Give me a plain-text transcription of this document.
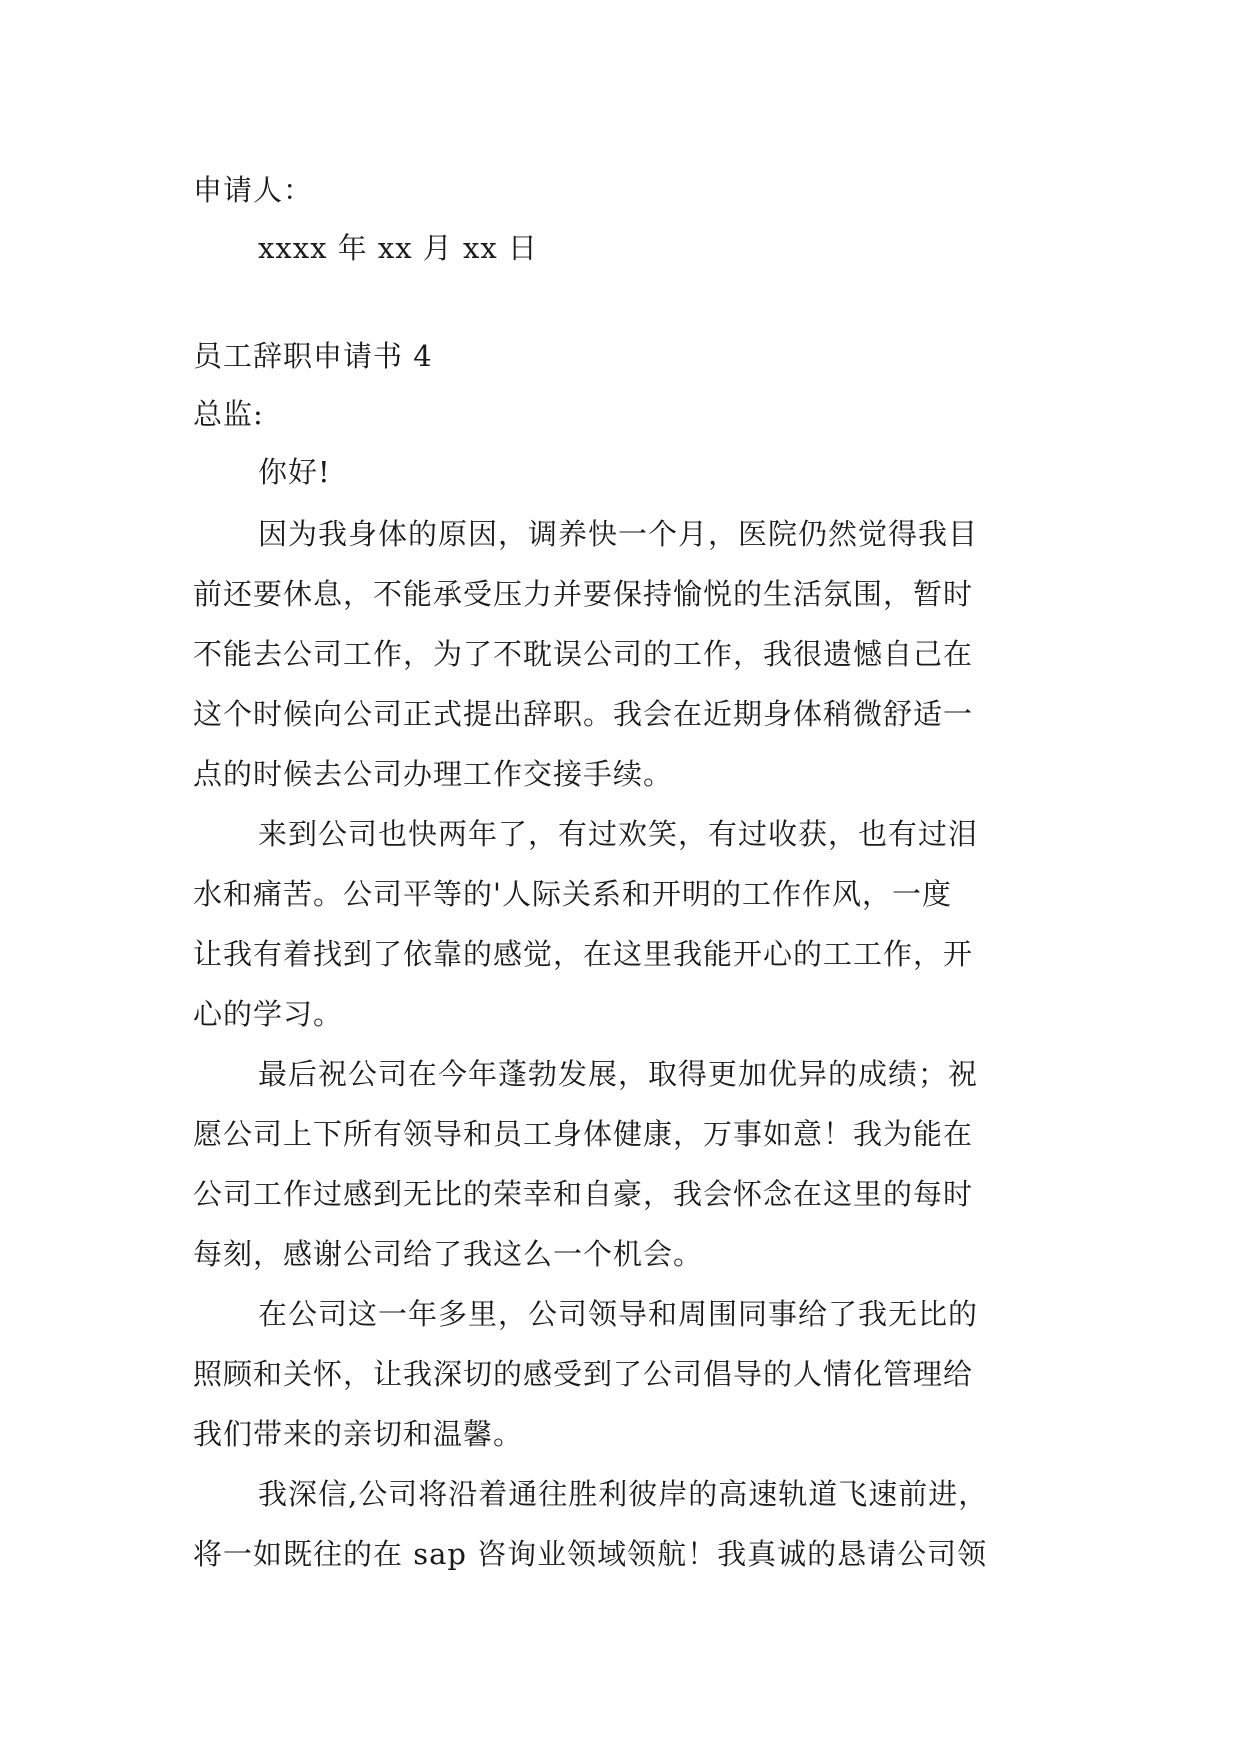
申请人：
xxxx 年 xx 月 xx 日
员工辞职申请书 4
总监:
你好!
因为我身体的原因，调养快一个月，医院仍然觉得我目
前还要休息，不能承受压力并要保持愉悦的生活氛围，暂时
不能去公司工作，为了不耽误公司的工作，我很遗憾自己在
这个时候向公司正式提出辞职。我会在近期身体稍微舒适一
点的时候去公司办理工作交接手续。
来到公司也快两年了，有过欢笑，有过收获，也有过泪
水和痛苦。公司平等的'人际关系和开明的工作作风，一度
让我有着找到了依靠的感觉，在这里我能开心的工工作，开
心的学习。
最后祝公司在今年蓬勃发展，取得更加优异的成绩；祝
愿公司上下所有领导和员工身体健康，万事如意！我为能在
公司工作过感到无比的荣幸和自豪，我会怀念在这里的每时
每刻，感谢公司给了我这么一个机会。
在公司这一年多里，公司领导和周围同事给了我无比的
照顾和关怀，让我深切的感受到了公司倡导的人情化管理给
我们带来的亲切和温馨。
我深信,公司将沿着通往胜利彼岸的高速轨道飞速前进，
将一如既往的在 sap 咨询业领域领航！我真诚的恳请公司领
